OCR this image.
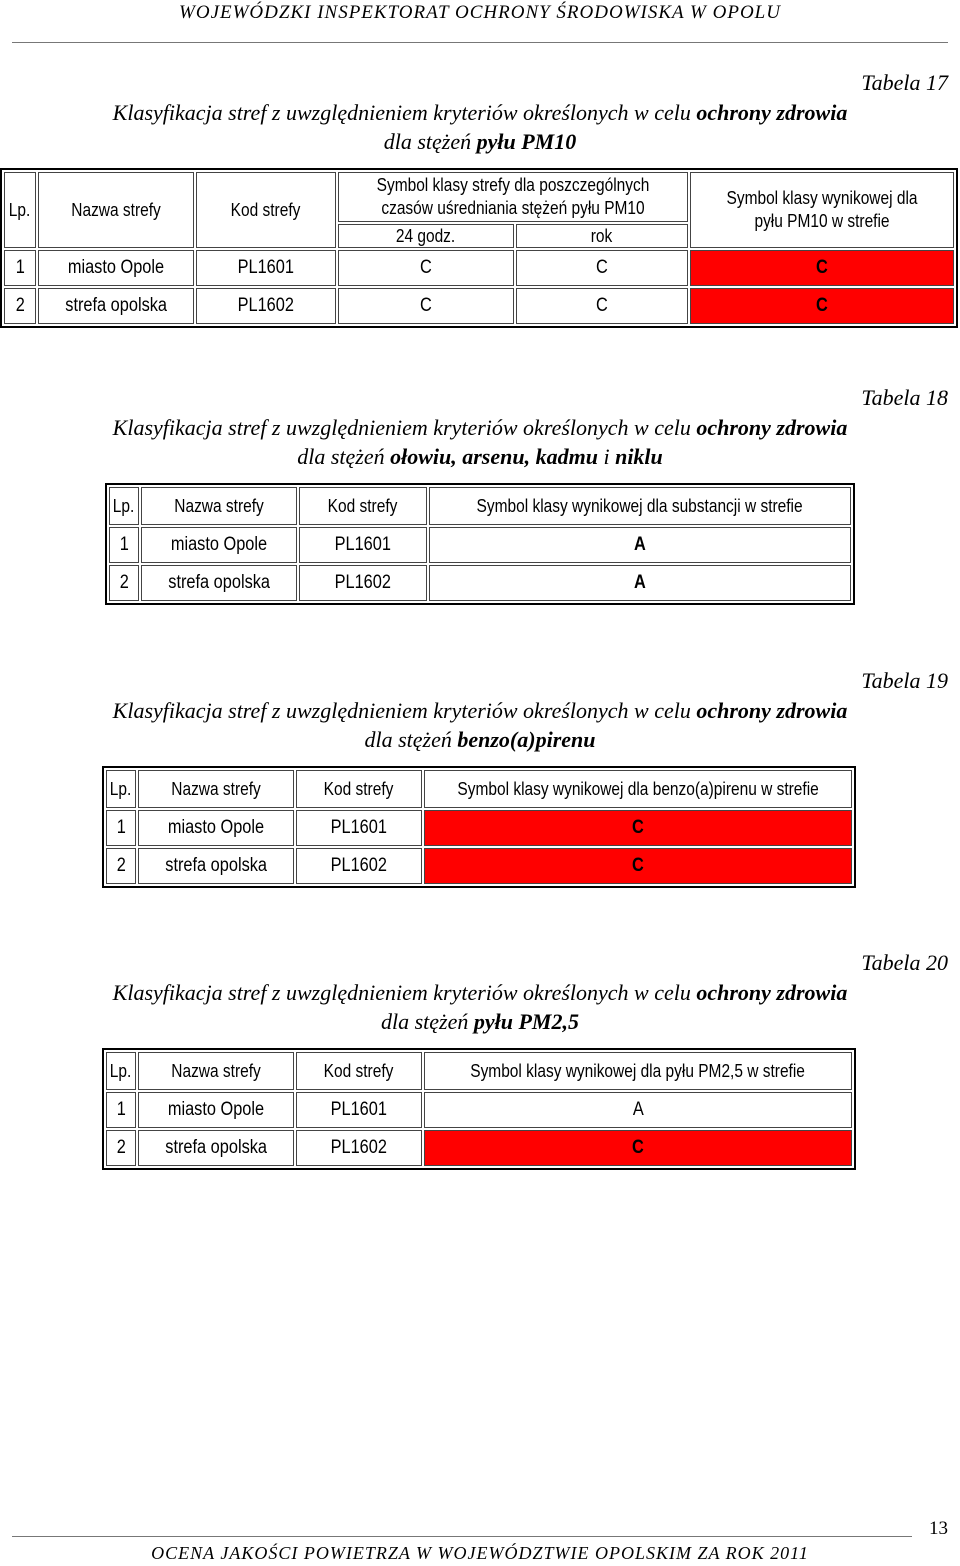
WOJEWÓDZKI INSPEKTORAT OCHRONY ŚRODOWISKA W OPOLU
Tabela 17
Klasyfikacja stref z uwzględnieniem kryteriów określonych w celu ochrony zdrowia
dla stężeń pyłu PM10
Lp.	Nazwa strefy	Kod strefy	Symbol klasy strefy dla poszczególnych czasów uśredniania stężeń pyłu PM10		Symbol klasy wynikowej dla pyłu PM10 w strefie
			24 godz.	rok	
1	miasto Opole	PL1601	C	C	C
2	strefa opolska	PL1602	C	C	C
Tabela 18
Klasyfikacja stref z uwzględnieniem kryteriów określonych w celu ochrony zdrowia
dla stężeń ołowiu, arsenu, kadmu i niklu
Lp.	Nazwa strefy	Kod strefy	Symbol klasy wynikowej dla substancji w strefie
1	miasto Opole	PL1601	A
2	strefa opolska	PL1602	A
Tabela 19
Klasyfikacja stref z uwzględnieniem kryteriów określonych w celu ochrony zdrowia
dla stężeń benzo(a)pirenu
Lp.	Nazwa strefy	Kod strefy	Symbol klasy wynikowej dla benzo(a)pirenu w strefie
1	miasto Opole	PL1601	C
2	strefa opolska	PL1602	C
Tabela 20
Klasyfikacja stref z uwzględnieniem kryteriów określonych w celu ochrony zdrowia
dla stężeń pyłu PM2,5
Lp.	Nazwa strefy	Kod strefy	Symbol klasy wynikowej dla pyłu PM2,5 w strefie
1	miasto Opole	PL1601	A
2	strefa opolska	PL1602	C
13
OCENA JAKOŚCI POWIETRZA W WOJEWÓDZTWIE OPOLSKIM ZA ROK 2011
